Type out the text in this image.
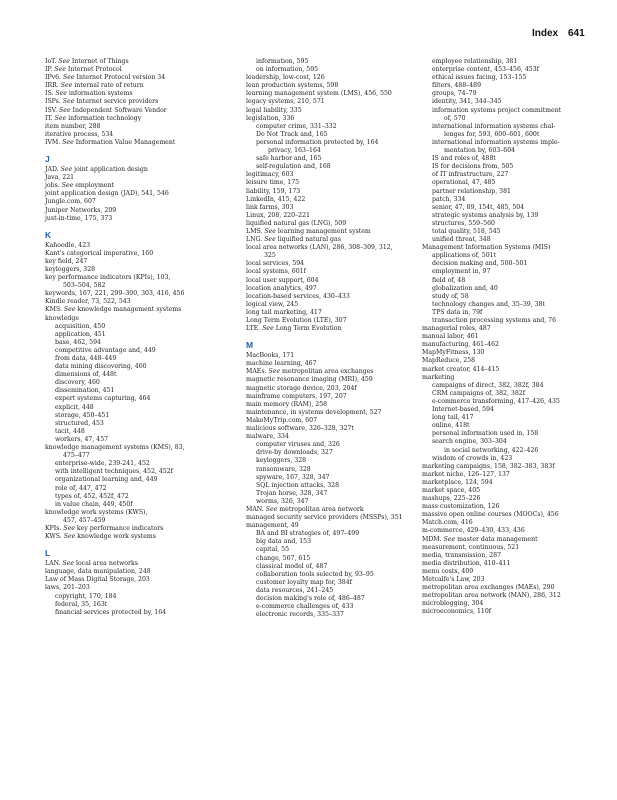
Index 641
IoT. See Internet of Things
IP. See Internet Protocol
IPv6. See Internet Protocol version 34
IRR. See internal rate of return
IS. See information systems
ISPs. See Internet service providers
ISV. See Independent Software Vendor
IT. See information technology
item number, 288
iterative process, 534
IVM. See Information Value Management
J
JAD. See joint application design
Java, 221
jobs. See employment
joint application design (JAD), 541, 546
Jungle.com, 607
Juniper Networks, 209
just-in-time, 175, 373
K
Kahoodle, 423
Kant's categorical imperative, 160
key field, 247
keyloggers, 328
key performance indicators (KPIs), 103,
503–504, 582
keywords, 167, 221, 299–300, 303, 416, 456
Kindle reader, 73, 522, 543
KMS. See knowledge management systems
knowledge
acquisition, 450
application, 451
base, 462, 594
competitive advantage and, 449
from data, 448–449
data mining discovering, 460
dimensions of, 448t
discovery, 460
dissemination, 451
expert systems capturing, 464
explicit, 448
storage, 450–451
structured, 453
tacit, 448
workers, 47, 457
knowledge management systems (KMS), 83,
475–477
enterprise-wide, 239-241, 452
with intelligent techniques, 452, 452f
organizational learning and, 449
role of, 447, 472
types of, 452, 452f, 472
in value chain, 449, 450f
knowledge work systems (KWS),
457, 457–459
KPIs. See key performance indicators
KWS. See knowledge work systems
L
LAN. See local area networks
language, data manipulation, 248
Law of Mass Digital Storage, 203
laws, 201–203
copyright, 170, 184
federal, 35, 163t
financial services protected by, 164
information, 595
on information, 595
leadership, low-cost, 126
lean production systems, 598
learning management system (LMS), 456, 550
legacy systems, 210, 571
legal liability, 335
legislation, 336
computer crime, 331–332
Do Not Track and, 165
personal information protected by, 164
privacy, 163–164
safe harbor and, 165
self-regulation and, 168
legitimacy, 603
leisure time, 175
liability, 159, 173
LinkedIn, 415, 422
link farms, 303
Linux, 208, 220–221
liquified natural gas (LNG), 509
LMS. See learning management system
LNG. See liquified natural gas
local area networks (LAN), 286, 308–309, 312,
325
local services, 594
local systems, 601f
local user support, 604
location analytics, 497
location-based services, 430–433
logical view, 245
long tail marketing, 417
Long Term Evolution (LTE), 307
LTE. See Long Term Evolution
M
MacBooks, 171
machine learning, 467
MAEs. See metropolitan area exchanges
magnetic resonance imaging (MRI), 459
magnetic storage device, 203, 204f
mainframe computers, 197, 207
main memory (RAM), 258
maintenance, in systems development, 527
MakeMyTrip.com, 607
malicious software, 326–328, 327t
malware, 334
computer viruses and, 326
drive-by downloads, 327
keyloggers, 328
ransomware, 328
spyware, 167, 328, 347
SQL injection attacks, 328
Trojan horse, 328, 347
worms, 326, 347
MAN. See metropolitan area network
managed security service providers (MSSPs), 351
management, 49
BA and BI strategies of, 497–499
big data and, 153
capital, 55
change, 567, 615
classical model of, 487
collaboration tools selected by, 93–95
customer loyalty map for, 384f
data resources, 241–245
decision making's role of, 486–487
e-commerce challenges of, 433
electronic records, 335–337
employee relationship, 381
enterprise content, 453–456, 453f
ethical issues facing, 153–155
filters, 488–489
groups, 74–79
identity, 341, 344–345
information systems project commitment
of, 570
international information systems chal-
lenges for, 593, 600–601, 600t
international information systems imple-
mentation by, 603–604
IS and roles of, 488t
IS for decisions from, 505
of IT infrastructure, 227
operational, 47, 485
partner relationship, 381
patch, 334
senior, 47, 89, 154t, 485, 504
strategic systems analysis by, 139
structures, 559–560
total quality, 518, 545
unified threat, 348
Management Information Systems (MIS)
applications of, 501t
decision making and, 500–501
employment in, 97
field of, 48
globalization and, 40
study of, 58
technology changes and, 35–39, 38t
TPS data in, 79f
transaction processing systems and, 76
managerial roles, 487
manual labor, 461
manufacturing, 461–462
MapMyFitness, 130
MapReduce, 258
market creator, 414–415
marketing
campaigns of direct, 382, 382f, 384
CRM campaigns of, 382, 382f
e-commerce transforming, 417–426, 435
Internet-based, 594
long tail, 417
online, 418t
personal information used in, 158
search engine, 303–304
in social networking, 422–426
wisdom of crowds in, 423
marketing campaigns, 158, 382–383, 383f
market niche, 126–127, 137
marketplace, 124, 594
market space, 405
mashups, 225–226
mass customization, 126
massive open online courses (MOOCs), 456
Match.com, 416
m-commerce, 429–430, 433, 436
MDM. See master data management
measurement, continuous, 521
media, transmission, 287
media distribution, 410–411
menu costs, 409
Metcalfe's Law, 203
metropolitan area exchanges (MAEs), 290
metropolitan area network (MAN), 286, 312
microblogging, 304
microeconomics, 110f
